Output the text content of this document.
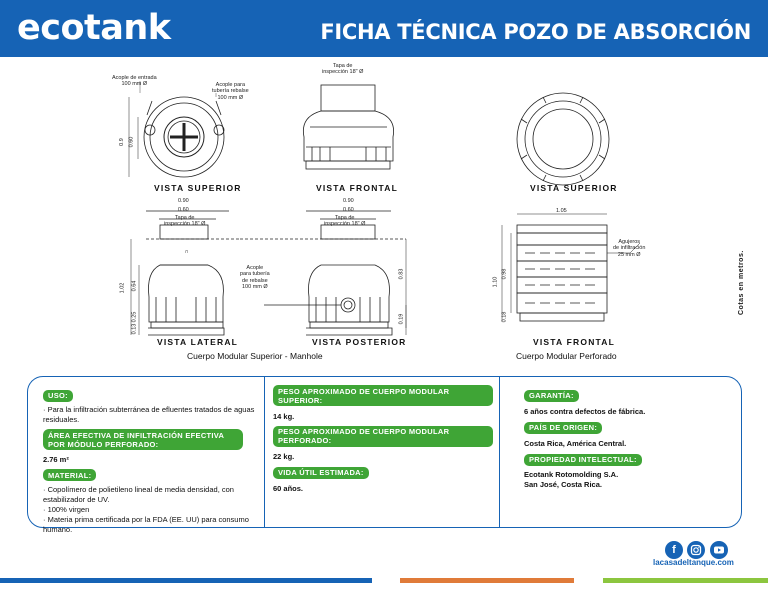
ecotank	FICHA TÉCNICA POZO DE ABSORCIÓN
⊓
Acople de entrada
100 mm Ø	Acople para
tubería rebalse
100 mm Ø
0.9 0.60
VISTA SUPERIOR
Tapa de
inspección 18" Ø
VISTA FRONTAL
0.90
0.60
Tapa de
inspección 18" Ø
0.64
1.02
0.25
0.13
VISTA LATERAL
Acople
para tubería
de rebalse
100 mm Ø
0.90
0.60
Tapa de
inspección 18" Ø
0.83
0.19
VISTA POSTERIOR
Cuerpo Modular Superior - Manhole
VISTA SUPERIOR
1.05
Agujeros
de infiltración
25 mm Ø
1.10
0.98
0.18
VISTA FRONTAL
Cuerpo Modular Perforado
Cotas en metros.
USO:
· Para la infiltración subterránea de efluentes tratados de aguas residuales.
ÁREA EFECTIVA DE INFILTRACIÓN EFECTIVA POR MÓDULO PERFORADO:
2.76 m²
MATERIAL:
· Copolímero de polietileno lineal de media densidad, con estabilizador de UV.
· 100% virgen
· Materia prima certificada por la FDA (EE. UU) para consumo humano.
PESO APROXIMADO DE CUERPO MODULAR SUPERIOR:
14 kg.
PESO APROXIMADO DE CUERPO MODULAR PERFORADO:
22 kg.
VIDA ÚTIL ESTIMADA:
60 años.
GARANTÍA:
6 años contra defectos de fábrica.
PAÍS DE ORIGEN:
Costa Rica, América Central.
PROPIEDAD INTELECTUAL:
Ecotank Rotomolding S.A.
San José, Costa Rica.
f
lacasadeltanque.com
